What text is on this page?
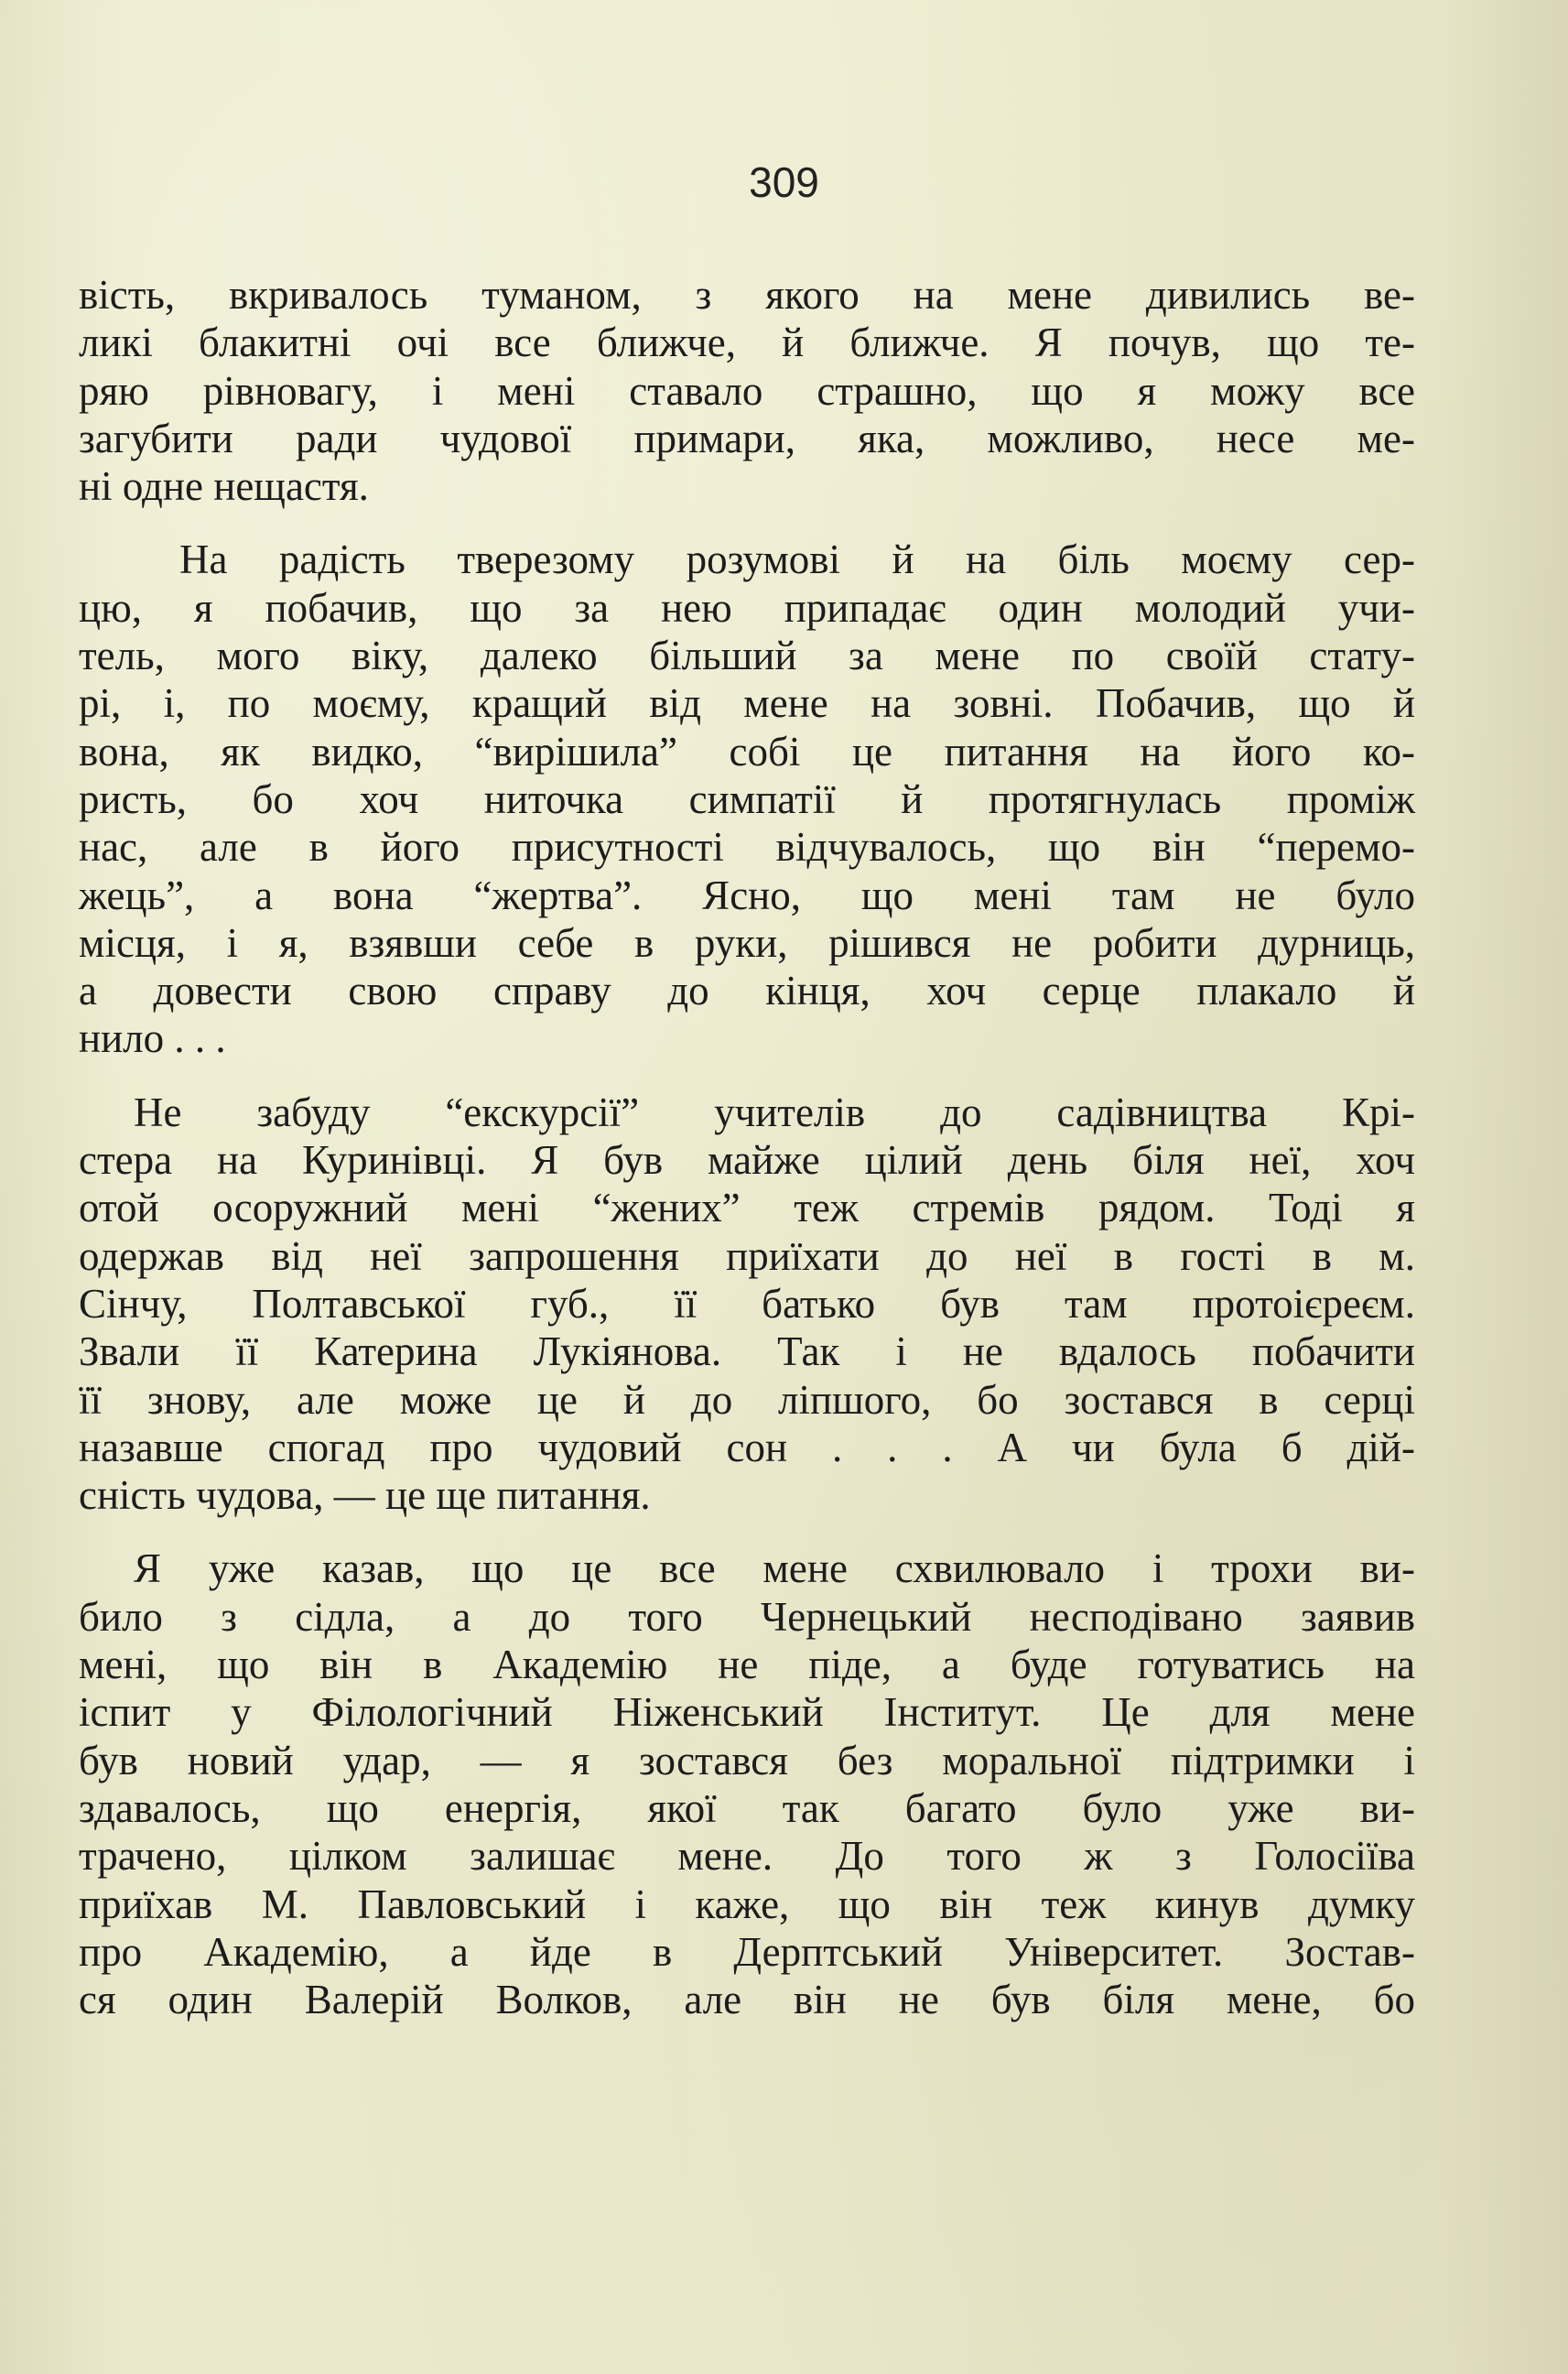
309

вість, вкривалось туманом, з якого на мене дивились ве-
ликі блакитні очі все ближче, й ближче. Я почув, що те-
ряю рівновагу, і мені ставало страшно, що я можу все
загубити ради чудової примари, яка, можливо, несе ме-
ні одне нещастя.

На радість тверезому розумові й на біль моєму сер-
цю, я побачив, що за нею припадає один молодий учи-
тель, мого віку, далеко більший за мене по своїй стату-
рі, і, по моєму, кращий від мене на зовні. Побачив, що й
вона, як видко, “вирішила” собі це питання на його ко-
ристь, бо хоч ниточка симпатії й протягнулась проміж
нас, але в його присутності відчувалось, що він “перемо-
жець”, а вона “жертва”. Ясно, що мені там не було
місця, і я, взявши себе в руки, рішився не робити дурниць,
а довести свою справу до кінця, хоч серце плакало й
нило . . .

Не забуду “екскурсії” учителів до садівництва Крі-
стера на Куринівці. Я був майже цілий день біля неї, хоч
отой осоружний мені “жених” теж стремів рядом. Тоді я
одержав від неї запрошення приїхати до неї в гості в м.
Сінчу, Полтавської губ., її батько був там протоієреєм.
Звали її Катерина Лукіянова. Так і не вдалось побачити
її знову, але може це й до ліпшого, бо зостався в серці
назавше спогад про чудовий сон . . . А чи була б дій-
сність чудова, — це ще питання.

Я уже казав, що це все мене схвилювало і трохи ви-
било з сідла, а до того Чернецький несподівано заявив
мені, що він в Академію не піде, а буде готуватись на
іспит у Філологічний Ніженський Інститут. Це для мене
був новий удар, — я зостався без моральної підтримки і
здавалось, що енергія, якої так багато було уже ви-
трачено, цілком залишає мене. До того ж з Голосіїва
приїхав М. Павловський і каже, що він теж кинув думку
про Академію, а йде в Дерптський Університет. Зостав-
ся один Валерій Волков, але він не був біля мене, бо
